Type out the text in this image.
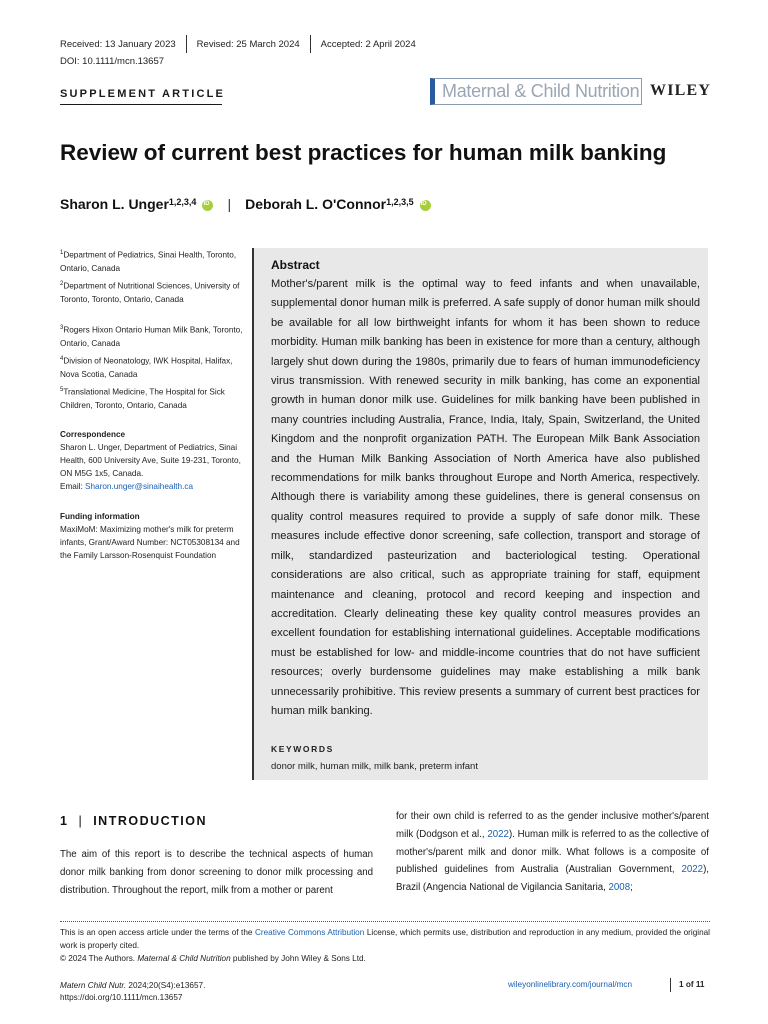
Received: 13 January 2023 Revised: 25 March 2024 Accepted: 2 April 2024
DOI: 10.1111/mcn.13657
SUPPLEMENT ARTICLE	Maternal & Child Nutrition WILEY
Review of current best practices for human milk banking
Sharon L. Unger$^{1,2,3,4}$
iD | Deborah L. O'Connor$^{1,2,3,5}$
iD
$^1$Department of Pediatrics, Sinai Health, Toronto, Ontario, Canada
$^2$Department of Nutritional Sciences, University of Toronto, Toronto, Ontario, Canada
$^3$Rogers Hixon Ontario Human Milk Bank, Toronto, Ontario, Canada
$^4$Division of Neonatology, IWK Hospital, Halifax, Nova Scotia, Canada
$^5$Translational Medicine, The Hospital for Sick Children, Toronto, Ontario, Canada
Correspondence
Sharon L. Unger, Department of Pediatrics, Sinai Health, 600 University Ave, Suite 19-231, Toronto, ON M5G 1x5, Canada.
Email: Sharon.unger@sinaihealth.ca
Funding information
MaxiMoM: Maximizing mother's milk for preterm infants, Grant/Award Number: NCT05308134 and the Family Larsson-Rosenquist Foundation
Abstract

Mother's/parent milk is the optimal way to feed infants and when unavailable, supplemental donor human milk is preferred. A safe supply of donor human milk should be available for all low birthweight infants for whom it has been shown to reduce morbidity. Human milk banking has been in existence for more than a century, although largely shut down during the 1980s, primarily due to fears of human immunodeficiency virus transmission. With renewed security in milk banking, has come an exponential growth in human donor milk use. Guidelines for milk banking have been published in many countries including Australia, France, India, Italy, Spain, Switzerland, the United Kingdom and the nonprofit organization PATH. The European Milk Bank Association and the Human Milk Banking Association of North America have also published recommendations for milk banks throughout Europe and North America, respectively. Although there is variability among these guidelines, there is general consensus on quality control measures required to provide a supply of safe donor milk. These measures include effective donor screening, safe collection, transport and storage of milk, standardized pasteurization and bacteriological testing. Operational considerations are also critical, such as appropriate training for staff, equipment maintenance and cleaning, protocol and record keeping and inspection and accreditation. Clearly delineating these key quality control measures provides an excellent foundation for establishing international guidelines. Acceptable modifications must be established for low- and middle-income countries that do not have sufficient resources; overly burdensome guidelines may make establishing a milk bank unnecessarily prohibitive. This review presents a summary of current best practices for human milk banking.

KEYWORDS
donor milk, human milk, milk bank, preterm infant
1 | INTRODUCTION

The aim of this report is to describe the technical aspects of human donor milk banking from donor screening to donor milk processing and distribution. Throughout the report, milk from a mother or parent

for their own child is referred to as the gender inclusive mother's/parent milk (Dodgson et al., 2022). Human milk is referred to as the collective of mother's/parent milk and donor milk. What follows is a composite of published guidelines from Australia (Australian Government, 2022), Brazil (Angencia National de Vigilancia Sanitaria, 2008;

This is an open access article under the terms of the Creative Commons Attribution License, which permits use, distribution and reproduction in any medium, provided the original work is properly cited.
© 2024 The Authors. Maternal & Child Nutrition published by John Wiley & Sons Ltd.
Matern Child Nutr. 2024;20(S4):e13657.
https://doi.org/10.1111/mcn.13657
wileyonlinelibrary.com/journal/mcn	1 of 11
